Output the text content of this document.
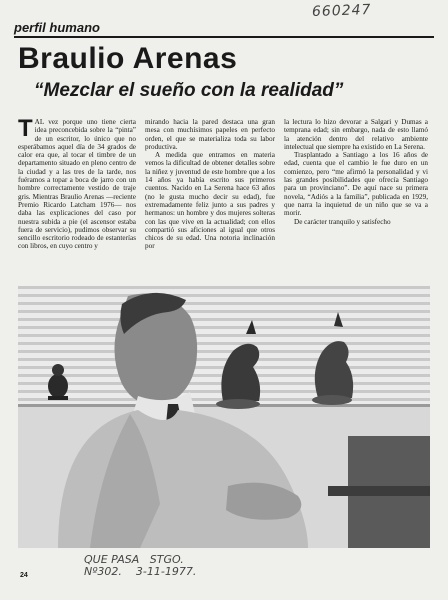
660247
perfil humano
Braulio Arenas
“Mezclar el sueño con la realidad”
T AL vez porque uno tiene cierta idea preconcebida sobre la “pinta” de un escritor, lo único que no esperábamos aquel día de 34 grados de calor era que, al tocar el timbre de un departamento situado en pleno centro de la ciudad y a las tres de la tarde, nos fuéramos a topar a boca de jarro con un hombre correctamente vestido de traje gris. Mientras Braulio Arenas —reciente Premio Ricardo Latcham 1976— nos daba las explicaciones del caso por nuestra subida a pie (el ascensor estaba fuera de servicio), pudimos observar su sencillo escritorio rodeado de estanterías con libros, en cuyo centro y

mirando hacia la pared destaca una gran mesa con muchísimos papeles en perfecto orden, el que se materializa toda su labor productiva.

A medida que entramos en materia vemos la dificultad de obtener detalles sobre la niñez y juventud de este hombre que a los 14 años ya había escrito sus primeros cuentos. Nacido en La Serena hace 63 años (no le gusta mucho decir su edad), fue extremadamente feliz junto a sus padres y hermanos: un hombre y dos mujeres solteras con las que vive en la actualidad; con ellos compartió sus aficiones al igual que otros chicos de su edad. Una notoria inclinación por

la lectura lo hizo devorar a Salgari y Dumas a temprana edad; sin embargo, nada de esto llamó la atención dentro del relativo ambiente intelectual que siempre ha existido en La Serena.

Trasplantado a Santiago a los 16 años de edad, cuenta que el cambio le fue duro en un comienzo, pero “me afirmó la personalidad y vi las grandes posibilidades que ofrecía Santiago para un provinciano”. De aquí nace su primera novela, “Adiós a la familia”, publicada en 1929, que narra la inquietud de un niño que se va a morir.

De carácter tranquilo y satisfecho

QUE PASA   STGO.
Nº302.    3-11-1977.
24
